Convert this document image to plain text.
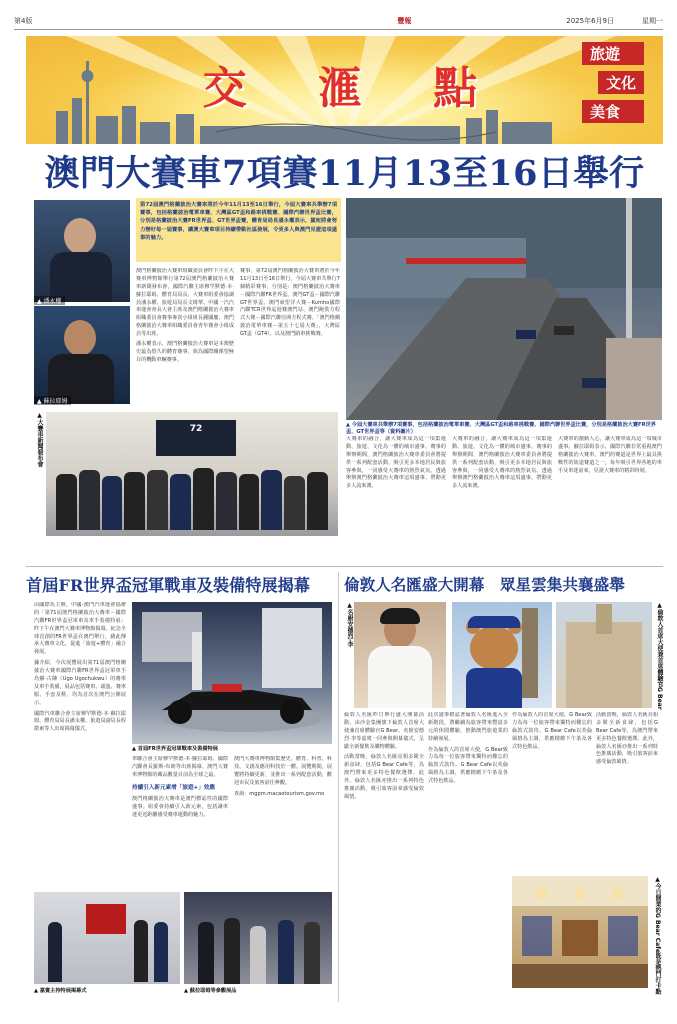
第4版	豐報	2025年6月9日	星期一
交 滙 點
旅遊
文化
美食
澳門大賽車7項賽11月13至16日舉行

第72屆澳門格蘭披治大賽車將於今年11月13至16日舉行，今屆大賽車共舉辦7項賽事，包括格蘭披治電單車賽、大灣區GT盃和路車挑戰賽、國際汽聯世界盃比賽，分別是格蘭披治大賽FR世界盃、GT世界盃賽，體育局局長潘永權表示，羅宛將會努力辦好每一屆賽事，讓澳大賽車項目持續帶動社區發展，令更多人與澳門見證這項盛事的魅力。

▲ 潘永權
▲ 蘇拉耶姆

澳門格蘭披治大賽車組織委員會昨下午在大賽車博物館舉行第72屆澳門格蘭披治大賽車新聞發布會，國際汽聯主席穆罕默德·本·蘇拉耶姆、體育局局長、大賽車組委會協調員潘永權、旅遊局局長文綺華、中國一汽汽車運會會長大會主席及澳門格蘭披治大賽車組織委員會賽事專責小組組長鍾國慶、澳門格蘭披治大賽車組織委員會青年賽會小組成員等出席。

潘永權表示，澳門格蘭披治大賽車是本澳歷史最為悠久的體育賽事，與為國際關係望極目的機動車輛賽事。

賽事，第72屆澳門格蘭披治大賽車將於今年11月13日至16日舉行，今屆大賽車共舉行7個精彩賽事，分別是：澳門格蘭披治大賽車－國際汽聯FR世界盃、澳門GT盃－國際汽聯GT世界盃、澳門東望洋大賽－Kumho國際汽聯TCR世界巡迴賽澳門站、澳門跑裝方程式大賽－國際汽聯亞洲方程式賽、「澳門格蘭披治電單車賽－第五十七屆大賽」、大灣區GT盃（GT4），以及澳門路車挑戰賽。

▲ 今屆大賽車共舉辦7項賽事，包括格蘭披治電單車賽、大灣區GT盃和路車挑戰賽、國際汽聯世界盃比賽，分別是格蘭披治大賽FR世界盃、GT世界盃等（資料圖片）
72
▲大賽車新聞發布會	大賽車的融合，讓大賽車成為這一項集運動、旅遊、文化為一體的城市盛事。賽事的舉辦期間，澳門格蘭披治大賽車委員會將提供一系列配套活動，吸引更多本地居民與旅客參與，一同感受大賽車的熱烈氣氛。透過舉辦澳門格蘭披治大賽車這項盛事，帶動更多人流來澳。

大賽車的融合，讓大賽車成為這一項集運動、旅遊、文化為一體的城市盛事。賽事的舉辦期間，澳門格蘭披治大賽車委員會將提供一系列配套活動，吸引更多本地居民與旅客參與，一同感受大賽車的熱烈氣氛。透過舉辦澳門格蘭披治大賽車這項盛事，帶動更多人流來澳。

大賽車的激動人心，讓大賽車成為這一項城市盛事。蘇拉耶姆表示，國際汽聯非常重視澳門格蘭披治大賽車，澳門的賽道是世界上最具挑戰性的街道賽道之一，每年吸引世界各地的車手及車迷前來，見證大賽車的精彩時刻。

首屆FR世界盃冠軍戰車及裝備特展揭幕

由國際馬主辦，中國-澳門汽車運會協辦的「第71屆澳門格蘭披治大賽車－國際汽聯FR世界盃冠軍車及車手裝備特展」昨下午在澳門大賽車博物館揭幕。紀念全球首創的FR世界盃在澳門舉行，藉此傳承大賽車文化，促進「旅遊+體育」融合發展。

據介紹，今次展覽展出第71屆澳門格蘭披治大賽車國際汽聯FR世界盃冠軍車手烏蘇·古陳（Ugo Ugochukwu）的賽車及車手裝備，展品包括賽車、頭盔、賽車服、手套及鞋，均為首次在澳門公開展示。

國際汽車聯合會主席穆罕默德·本·蘇拉耶姆、體育局局長潘永權、旅遊局副局長程衛東等人出席揭幕儀式。

▲ 首屆FR世界盃冠軍戰車及裝備特展

車聯合會主席穆罕默德·本·蘇拉耶姆、國際汽聯會長羅斯·布朗等出席揭幕。澳門大賽車博物館的藏品數量目前為全球之最。

持續引入新元素增「旅遊+」效應

澳門格蘭披治大賽車是澳門標誌性的國際盛事。組委會持續引入新元素，包括讓車迷更近距離感受賽車運動的魅力。

澳門大賽車博物館集歷史、體育、科普、科技、文創及應用科技於一體。展覽期間，展覽將持續更新，並推出一系列配套活動，歡迎市民及旅客前往參觀。

查詢：mgpm.macaotourism.gov.mo

▲ 嘉賓主持特展揭幕式	▲ 蘇拉耶姆等參觀展品
倫敦人名匯盛大開幕　眾星雲集共襄盛舉
▲名廚安德烈·李
▲倫敦人首席大使兼首席體驗官G Bear

倫敦人名匯昨日舉行盛大開幕活動，由沙金集團旗下倫敦人首席大使兼首席體驗官G Bear、名廚安德烈·李等嘉賓一同參與開幕儀式，呈獻全新餐飲及購物體驗。

活動當晚，倫敦人名匯亮相多間全新食肆，包括G Bear Cafe等，為澳門帶來更多特色餐飲選擇。此外，倫敦人名匯亦推出一系列特色推廣活動，吸引旅客前來感受倫敦風情。

此次盛事標誌著倫敦人名匯進入全新階段，將繼續為旅客帶來豐富多元的休閒體驗，推動澳門旅遊業的持續發展。

作為倫敦人的首席大使，G Bear致力為每一位旅客帶來獨特而難忘的倫敦式款待。G Bear Cafe以英倫風格為主調，供應精緻下午茶及各式特色飲品。

作為倫敦人的首席大使，G Bear致力為每一位旅客帶來獨特而難忘的倫敦式款待。G Bear Cafe以英倫風格為主調，供應精緻下午茶及各式特色飲品。

活動當晚，倫敦人名匯亮相多間全新食肆，包括G Bear Cafe等，為澳門帶來更多特色餐飲選擇。此外，倫敦人名匯亦推出一系列特色推廣活動，吸引旅客前來感受倫敦風情。

▲今日開業的G Bear Cafe既是熱門打卡點
